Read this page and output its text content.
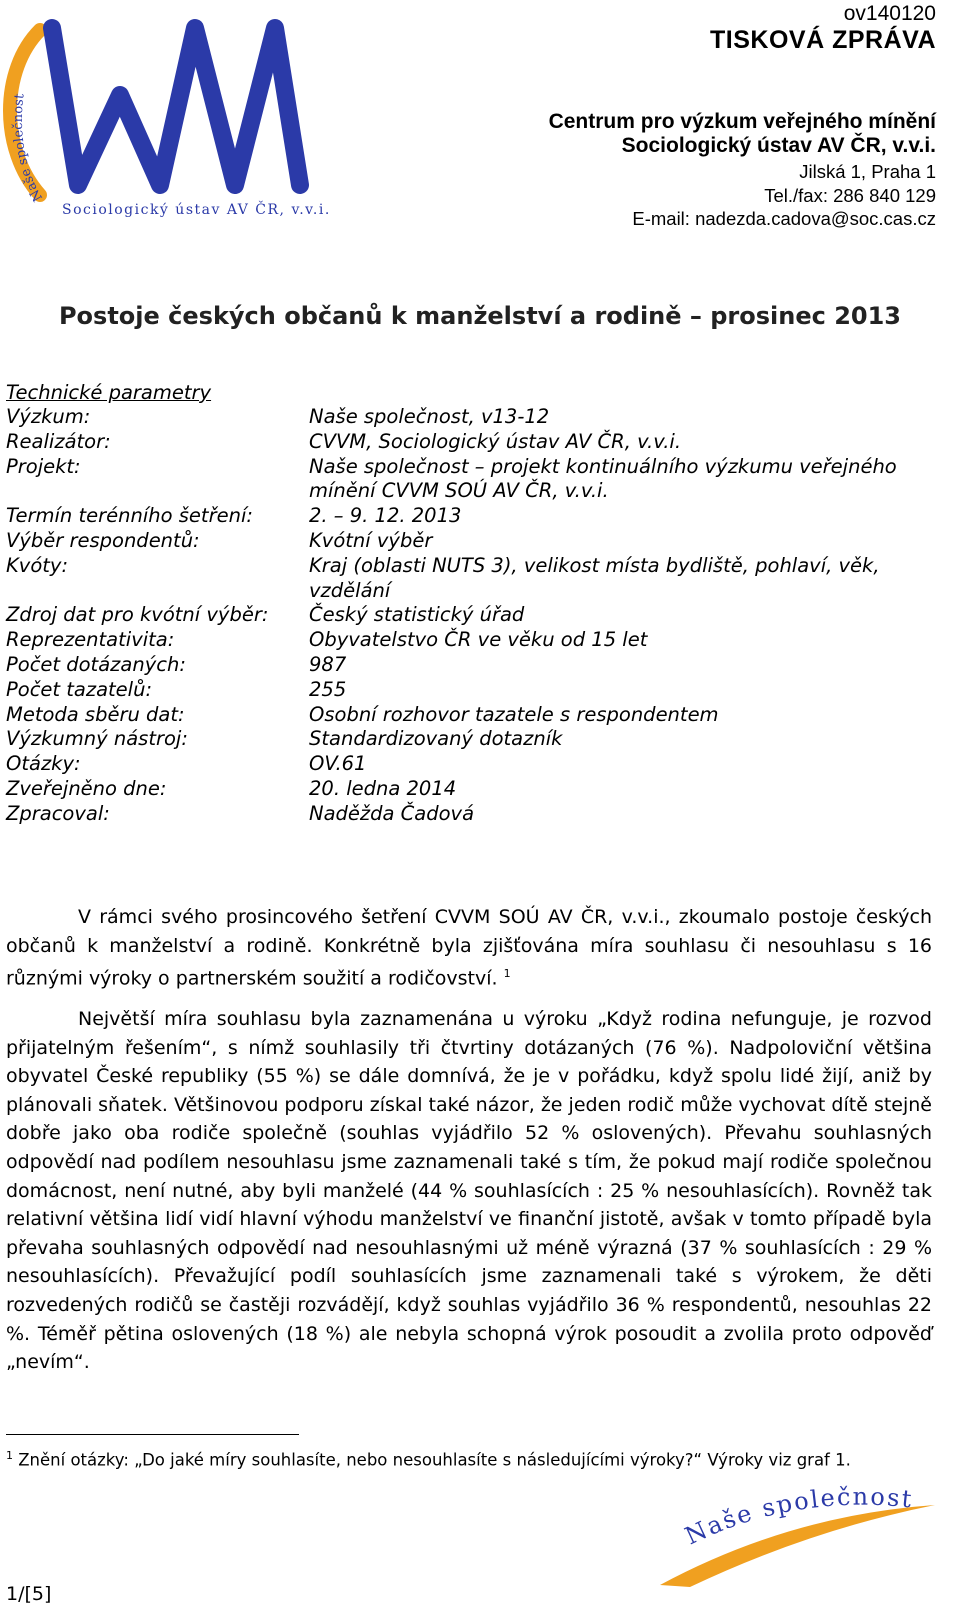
Naše společnost
Sociologický ústav AV ČR, v.v.i.
ov140120
TISKOVÁ ZPRÁVA
Centrum pro výzkum veřejného mínění
Sociologický ústav AV ČR, v.v.i.
Jilská 1, Praha 1
Tel./fax: 286 840 129
E-mail: nadezda.cadova@soc.cas.cz
Postoje českých občanů k manželství a rodině – prosinec 2013
Technické parametry
Výzkum:	Naše společnost, v13-12
Realizátor:	CVVM, Sociologický ústav AV ČR, v.v.i.
Projekt:	Naše společnost – projekt kontinuálního výzkumu veřejného mínění CVVM SOÚ AV ČR, v.v.i.
Termín terénního šetření:	2. – 9. 12. 2013
Výběr respondentů:	Kvótní výběr
Kvóty:	Kraj (oblasti NUTS 3), velikost místa bydliště, pohlaví, věk, vzdělání
Zdroj dat pro kvótní výběr: Český statistický úřad
Reprezentativita:	Obyvatelstvo ČR ve věku od 15 let
Počet dotázaných:	987
Počet tazatelů:	255
Metoda sběru dat:	Osobní rozhovor tazatele s respondentem
Výzkumný nástroj:	Standardizovaný dotazník
Otázky:	OV.61
Zveřejněno dne:	20. ledna 2014
Zpracoval:	Naděžda Čadová

V rámci svého prosincového šetření CVVM SOÚ AV ČR, v.v.i., zkoumalo postoje českých občanů k manželství a rodině. Konkrétně byla zjišťována míra souhlasu či nesouhlasu s 16 různými výroky o partnerském soužití a rodičovství. $^1$

Největší míra souhlasu byla zaznamenána u výroku „Když rodina nefunguje, je rozvod přijatelným řešením“, s nímž souhlasily tři čtvrtiny dotázaných (76 %). Nadpoloviční většina obyvatel České republiky (55 %) se dále domnívá, že je v pořádku, když spolu lidé žijí, aniž by plánovali sňatek. Většinovou podporu získal také názor, že jeden rodič může vychovat dítě stejně dobře jako oba rodiče společně (souhlas vyjádřilo 52 % oslovených). Převahu souhlasných odpovědí nad podílem nesouhlasu jsme zaznamenali také s tím, že pokud mají rodiče společnou domácnost, není nutné, aby byli manželé (44 % souhlasících : 25 % nesouhlasících). Rovněž tak relativní většina lidí vidí hlavní výhodu manželství ve finanční jistotě, avšak v tomto případě byla převaha souhlasných odpovědí nad nesouhlasnými už méně výrazná (37 % souhlasících : 29 % nesouhlasících). Převažující podíl souhlasících jsme zaznamenali také s výrokem, že děti rozvedených rodičů se častěji rozvádějí, když souhlas vyjádřilo 36 % respondentů, nesouhlas 22 %. Téměř pětina oslovených (18 %) ale nebyla schopná výrok posoudit a zvolila proto odpověď „nevím“.

$^1$ Znění otázky: „Do jaké míry souhlasíte, nebo nesouhlasíte s následujícími výroky?“ Výroky viz graf 1.
Naše společnost
1/[5]
